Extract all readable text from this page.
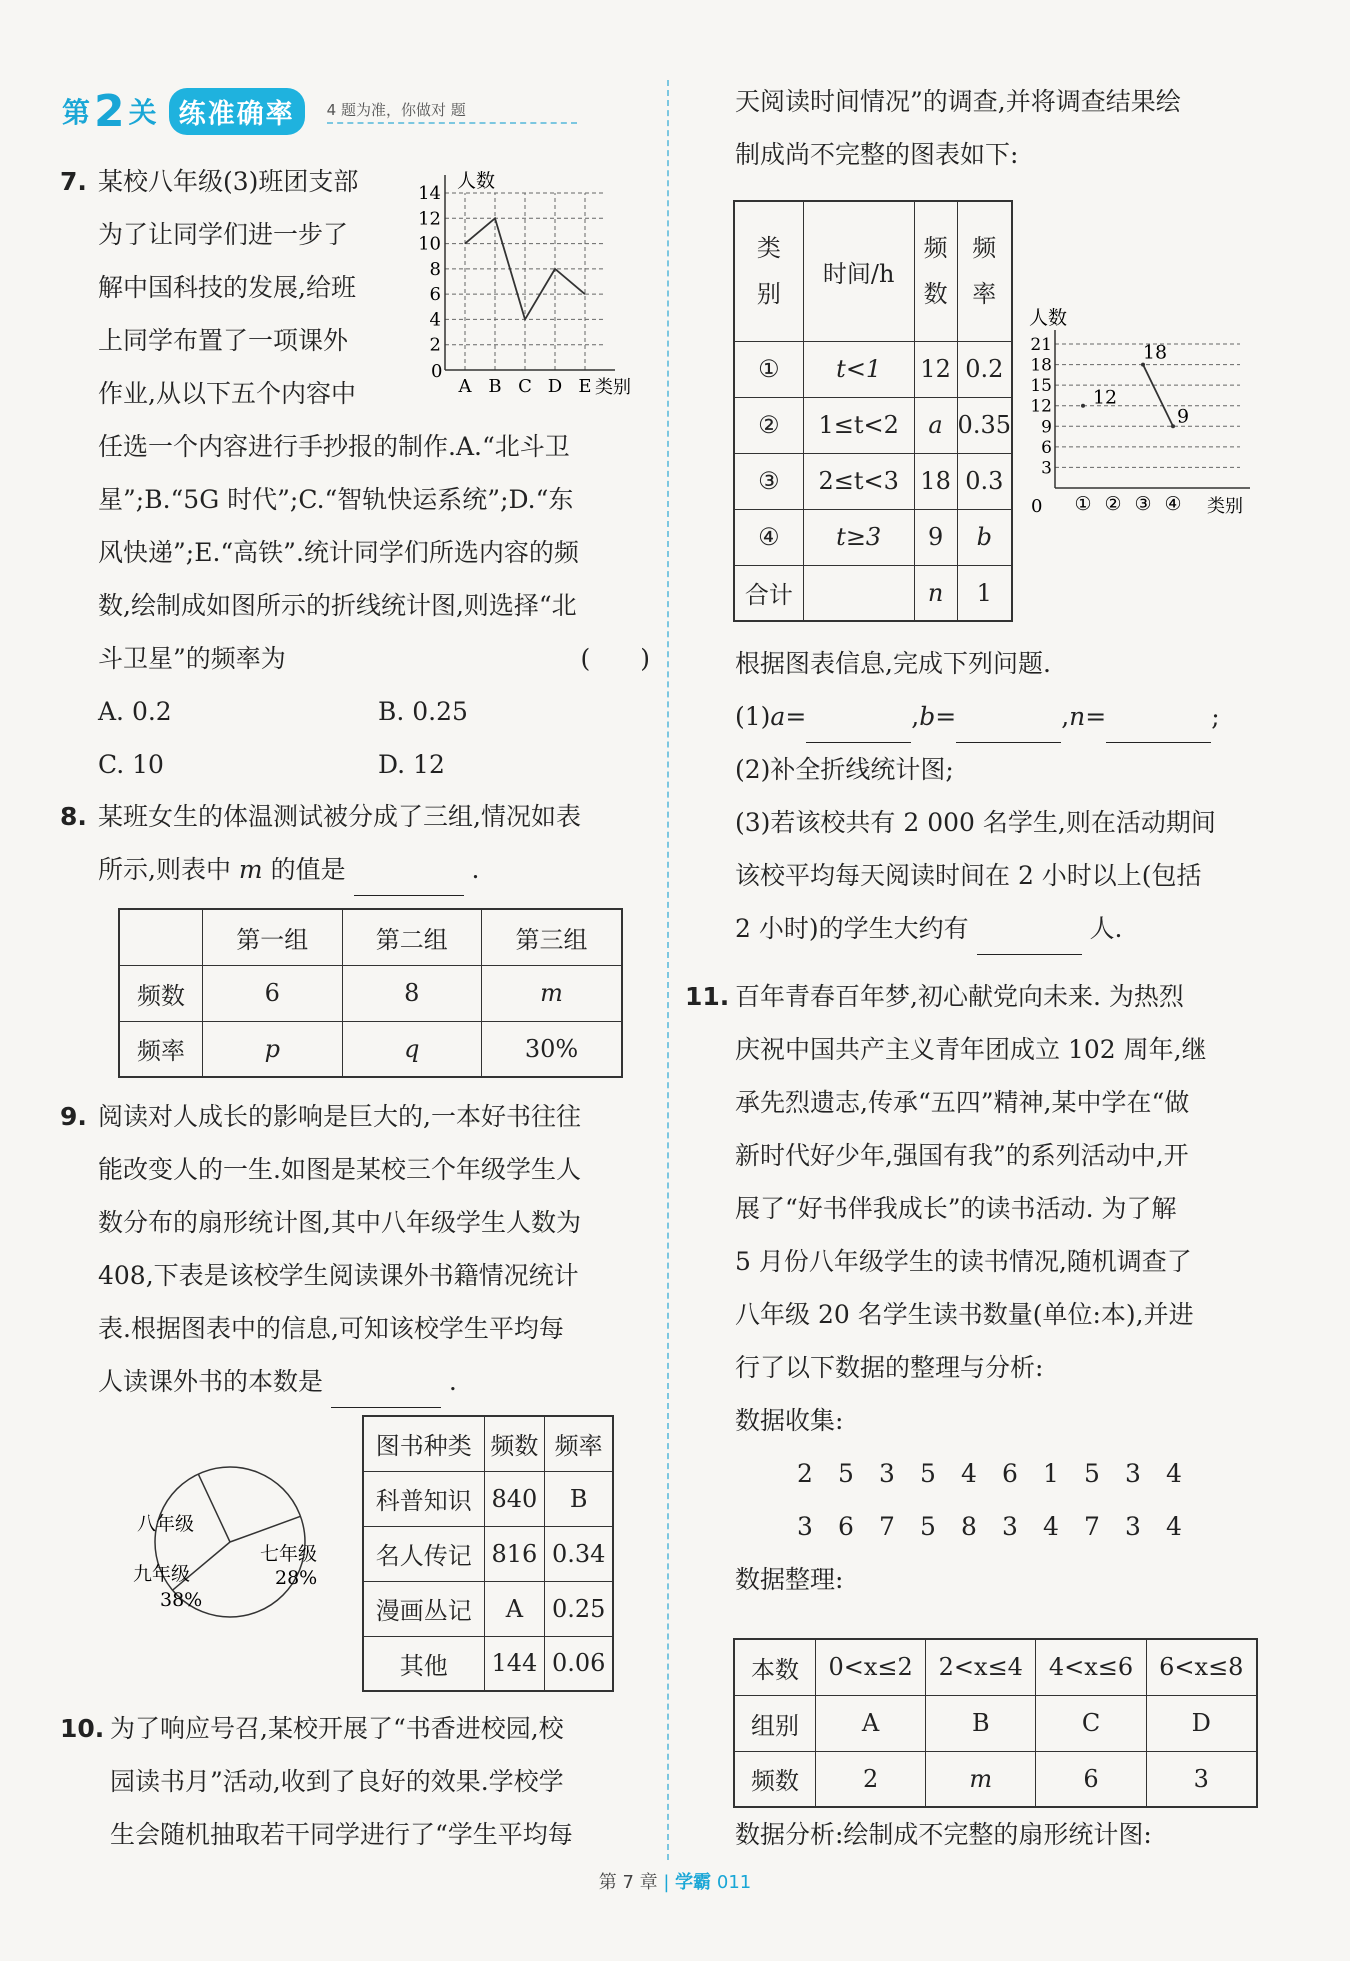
第 2 关 练准确率	4 题为准，你做对 题
7. 某校八年级(3)班团支部

为了让同学们进一步了

解中国科技的发展,给班

上同学布置了一项课外

作业,从以下五个内容中

任选一个内容进行手抄报的制作.A.“北斗卫

星”;B.“5G 时代”;C.“智轨快运系统”;D.“东

风快递”;E.“高铁”.统计同学们所选内容的频

数,绘制成如图所示的折线统计图,则选择“北

斗卫星”的频率为	(　　)

A. 0.2	B. 0.25

C. 10	D. 12

人数
类别
0
2
4
6
8
10
12
14
A B C D E
8. 某班女生的体温测试被分成了三组,情况如表

所示,则表中 m 的值是	.

	第一组	第二组	第三组
频数	6	8	m
频率	p	q	30%
9. 阅读对人成长的影响是巨大的,一本好书往往

能改变人的一生.如图是某校三个年级学生人

数分布的扇形统计图,其中八年级学生人数为

408,下表是该校学生阅读课外书籍情况统计

表.根据图表中的信息,可知该校学生平均每

人读课外书的本数是	.

八年级
七年级
28%
九年级
38%
图书种类	频数	频率
科普知识	840	B
名人传记	816	0.34
漫画丛记	A	0.25
其他	144	0.06
10. 为了响应号召,某校开展了“书香进校园,校

园读书月”活动,收到了良好的效果.学校学

生会随机抽取若干同学进行了“学生平均每

天阅读时间情况”的调查,并将调查结果绘

制成尚不完整的图表如下:

类别	时间/h	频数	频率

①	t<1	12	0.2
②	1≤t<2	a	0.35
③	2≤t<3	18	0.3
④	t≥3	9	b
合计		n	1
人数
类别
0
3
6
9
12
15
18
21
① ② ③ ④
12
18
9

根据图表信息,完成下列问题.

(1)a=	,b=	,n=	;

(2)补全折线统计图;

(3)若该校共有 2 000 名学生,则在活动期间

该校平均每天阅读时间在 2 小时以上(包括

2 小时)的学生大约有	人.

11. 百年青春百年梦,初心献党向未来. 为热烈

庆祝中国共产主义青年团成立 102 周年,继

承先烈遗志,传承“五四”精神,某中学在“做

新时代好少年,强国有我”的系列活动中,开

展了“好书伴我成长”的读书活动. 为了解

5 月份八年级学生的读书情况,随机调查了

八年级 20 名学生读书数量(单位:本),并进

行了以下数据的整理与分析:

数据收集:

2 5 3 5 4 6 1 5 3 4

3 6 7 5 8 3 4 7 3 4

数据整理:

本数	0<x≤2	2<x≤4	4<x≤6	6<x≤8
组别	A	B	C	D
频数	2	m	6	3

数据分析:绘制成不完整的扇形统计图:

第 7 章 | 学霸 011
